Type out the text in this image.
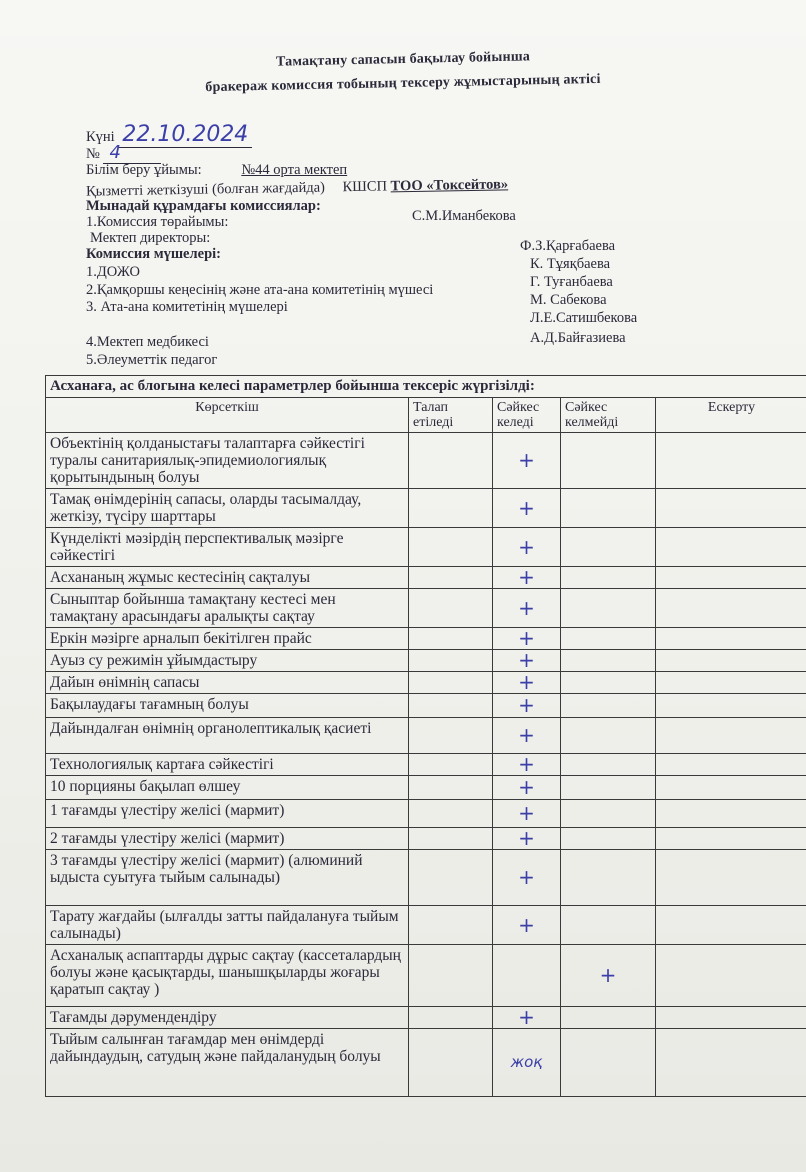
Тамақтану сапасын бақылау бойынша
бракераж комиссия тобының тексеру жұмыстарының актісі
Күні 22.10.2024
№ 4
Білім беру ұйымы:	№44 орта мектеп
Қызметті жеткізуші (болған жағдайда) КШСП ТОО «Токсейтов»
Мынадай құрамдағы комиссиялар:
1.Комиссия төрайымы:
Мектеп директоры:
С.М.Иманбекова
Комиссия мүшелері:
1.ДОЖО
2.Қамқоршы кеңесінің және ата-ана комитетінің мүшесі
3. Ата-ана комитетінің мүшелері
4.Мектеп медбикесі
5.Әлеуметтік педагог
Ф.З.Қарғабаева
К. Тұяқбаева
Г. Туғанбаева
М. Сабекова
Л.Е.Сатишбекова
А.Д.Байғазиева
Асханаға, ас блогына келесі параметрлер бойынша тексеріс жүргізілді:				
Көрсеткіш	Талап етіледі	Сәйкес келеді	Сәйкес келмейді	Ескерту
Объектінің қолданыстағы талаптарға сәйкестігі туралы санитариялық-эпидемиологиялық қорытындының болуы		+		
Тамақ өнімдерінің сапасы, оларды тасымалдау, жеткізу, түсіру шарттары		+		
Күнделікті мәзірдің перспективалық мәзірге сәйкестігі		+		
Асхананың жұмыс кестесінің сақталуы		+		
Сыныптар бойынша тамақтану кестесі мен тамақтану арасындағы аралықты сақтау		+		
Еркін мәзірге арналып бекітілген прайс		+		
Ауыз су режимін ұйымдастыру		+		
Дайын өнімнің сапасы		+		
Бақылаудағы тағамның болуы		+		
Дайындалған өнімнің органолептикалық қасиеті		+		
Технологиялық картаға сәйкестігі		+		
10 порцияны бақылап өлшеу		+		
1 тағамды үлестіру желісі (мармит)		+		
2 тағамды үлестіру желісі (мармит)		+		
3 тағамды үлестіру желісі (мармит) (алюминий ыдыста суытуға тыйым салынады)		+		
Тарату жағдайы (ылғалды затты пайдалануға тыйым салынады)		+		
Асханалық аспаптарды дұрыс сақтау (кассеталардың болуы және қасықтарды, шанышқыларды жоғары қаратып сақтау )			+	
Тағамды дәрумендендіру		+		
Тыйым салынған тағамдар мен өнімдерді дайындаудың, сатудың және пайдаланудың болуы		жоқ		
